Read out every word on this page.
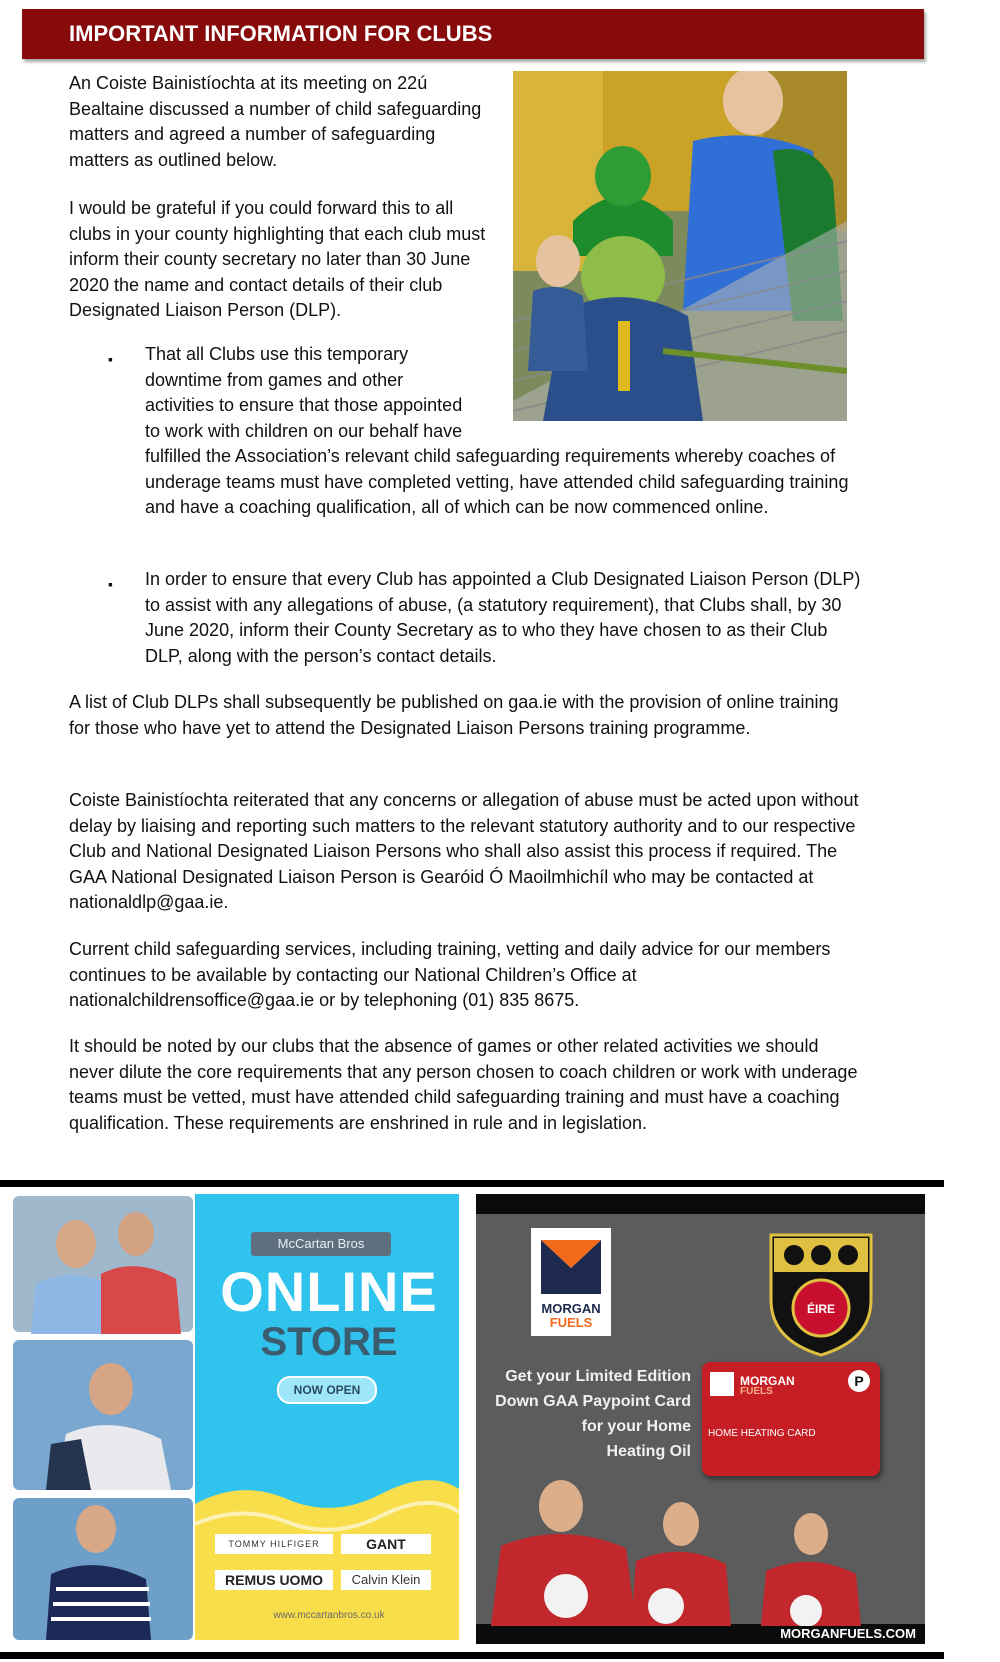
IMPORTANT INFORMATION FOR CLUBS

An Coiste Bainistíochta at its meeting on 22ú Bealtaine discussed a number of child safeguarding matters and agreed a number of safeguarding matters as outlined below.

I would be grateful if you could forward this to all clubs in your county highlighting that each club must inform their county secretary no later than 30 June 2020 the name and contact details of their club Designated Liaison Person (DLP).

▪ That all Clubs use this temporary
downtime from games and other
activities to ensure that those appointed
to work with children on our behalf have
fulfilled the Association’s relevant child safeguarding requirements whereby coaches of underage teams must have completed vetting, have attended child safeguarding training and have a coaching qualification, all of which can be now commenced online.
▪ In order to ensure that every Club has appointed a Club Designated Liaison Person (DLP) to assist with any allegations of abuse, (a statutory requirement), that Clubs shall, by 30 June 2020, inform their County Secretary as to who they have chosen to as their Club DLP, along with the person’s contact details.

A list of Club DLPs shall subsequently be published on gaa.ie with the provision of online training for those who have yet to attend the Designated Liaison Persons training programme.

Coiste Bainistíochta reiterated that any concerns or allegation of abuse must be acted upon without delay by liaising and reporting such matters to the relevant statutory authority and to our respective Club and National Designated Liaison Persons who shall also assist this process if required. The GAA National Designated Liaison Person is Gearóid Ó Maoilmhichíl who may be contacted at nationaldlp@gaa.ie.

Current child safeguarding services, including training, vetting and daily advice for our members continues to be available by contacting our National Children’s Office at nationalchildrensoffice@gaa.ie or by telephoning (01) 835 8675.

It should be noted by our clubs that the absence of games or other related activities we should never dilute the core requirements that any person chosen to coach children or work with underage teams must be vetted, must have attended child safeguarding training and must have a coaching qualification. These requirements are enshrined in rule and in legislation.

McCartan Bros
ONLINE
STORE
NOW OPEN
TOMMY HILFIGER	GANT
REMUS UOMO	Calvin Klein
www.mccartanbros.co.uk
MORGAN
FUELS
ÉIRE
Get your Limited Edition
Down GAA Paypoint Card
for your Home
Heating Oil
MORGAN
FUELS
P
HOME HEATING CARD
MORGANFUELS.COM
